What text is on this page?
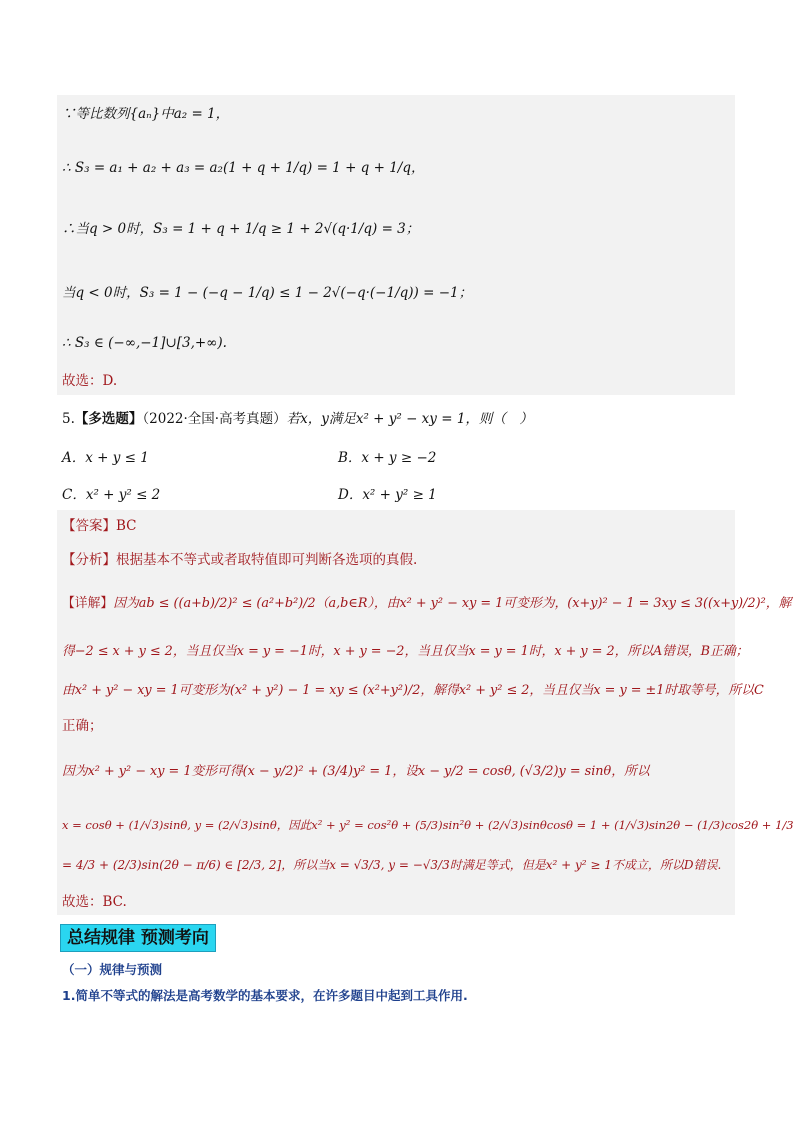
∵等比数列{aₙ}中a₂ = 1，
∴ S₃ = a₁ + a₂ + a₃ = a₂(1 + q + 1/q) = 1 + q + 1/q，
∴当q > 0时，S₃ = 1 + q + 1/q ≥ 1 + 2√(q·1/q) = 3；
当q < 0时，S₃ = 1 − (−q − 1/q) ≤ 1 − 2√(−q·(−1/q)) = −1；
∴ S₃ ∈ (−∞,−1]∪[3,+∞).
故选：D.
5.【多选题】（2022·全国·高考真题）若x，y满足x² + y² − xy = 1，则（　）
A．x + y ≤ 1	B．x + y ≥ −2
C．x² + y² ≤ 2	D．x² + y² ≥ 1
【答案】BC
【分析】根据基本不等式或者取特值即可判断各选项的真假.
【详解】因为ab ≤ ((a+b)/2)² ≤ (a²+b²)/2（a,b∈R），由x² + y² − xy = 1可变形为，(x+y)² − 1 = 3xy ≤ 3((x+y)/2)²，解
得−2 ≤ x + y ≤ 2，当且仅当x = y = −1时，x + y = −2，当且仅当x = y = 1时，x + y = 2，所以A错误，B正确；
由x² + y² − xy = 1可变形为(x² + y²) − 1 = xy ≤ (x²+y²)/2，解得x² + y² ≤ 2，当且仅当x = y = ±1时取等号，所以C
正确；
因为x² + y² − xy = 1变形可得(x − y/2)² + (3/4)y² = 1，设x − y/2 = cosθ, (√3/2)y = sinθ，所以
x = cosθ + (1/√3)sinθ, y = (2/√3)sinθ，因此x² + y² = cos²θ + (5/3)sin²θ + (2/√3)sinθcosθ = 1 + (1/√3)sin2θ − (1/3)cos2θ + 1/3
= 4/3 + (2/3)sin(2θ − π/6) ∈ [2/3, 2]，所以当x = √3/3, y = −√3/3时满足等式，但是x² + y² ≥ 1不成立，所以D错误.
故选：BC.
总结规律 预测考向
（一）规律与预测
1.简单不等式的解法是高考数学的基本要求，在许多题目中起到工具作用.
